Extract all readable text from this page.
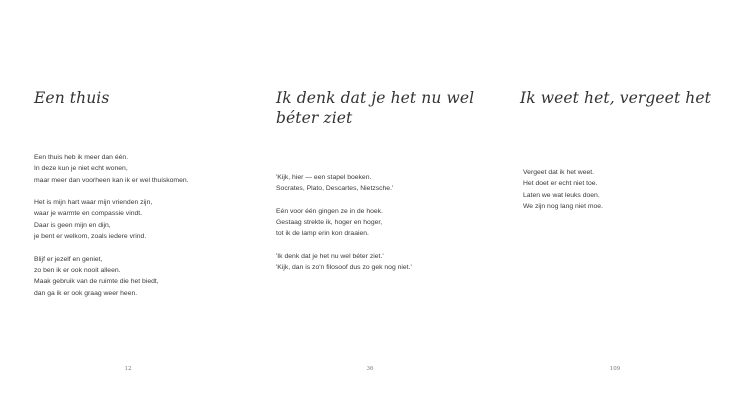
Een thuis

Een thuis heb ik meer dan één.
In deze kun je niet echt wonen,
maar meer dan voorheen kan ik er wel thuiskomen.

Het is mijn hart waar mijn vrienden zijn,
waar je warmte en compassie vindt.
Daar is geen mijn en dijn,
je bent er welkom, zoals iedere vrind.

Blijf er jezelf en geniet,
zo ben ik er ook nooit alleen.
Maak gebruik van de ruimte die het biedt,
dan ga ik er ook graag weer heen.

12
Ik denk dat je het nu wel béter ziet

'Kijk, hier — een stapel boeken.
Socrates, Plato, Descartes, Nietzsche.'

Eén voor één gingen ze in de hoek.
Gestaag strekte ik, hoger en hoger,
tot ik de lamp erin kon draaien.

'Ik denk dat je het nu wel béter ziet.'
'Kijk, dan is zo'n filosoof dus zo gek nog niet.'

36
Ik weet het, vergeet het

Vergeet dat ik het weet.
Het doet er echt niet toe.
Laten we wat leuks doen.
We zijn nog lang niet moe.

109
